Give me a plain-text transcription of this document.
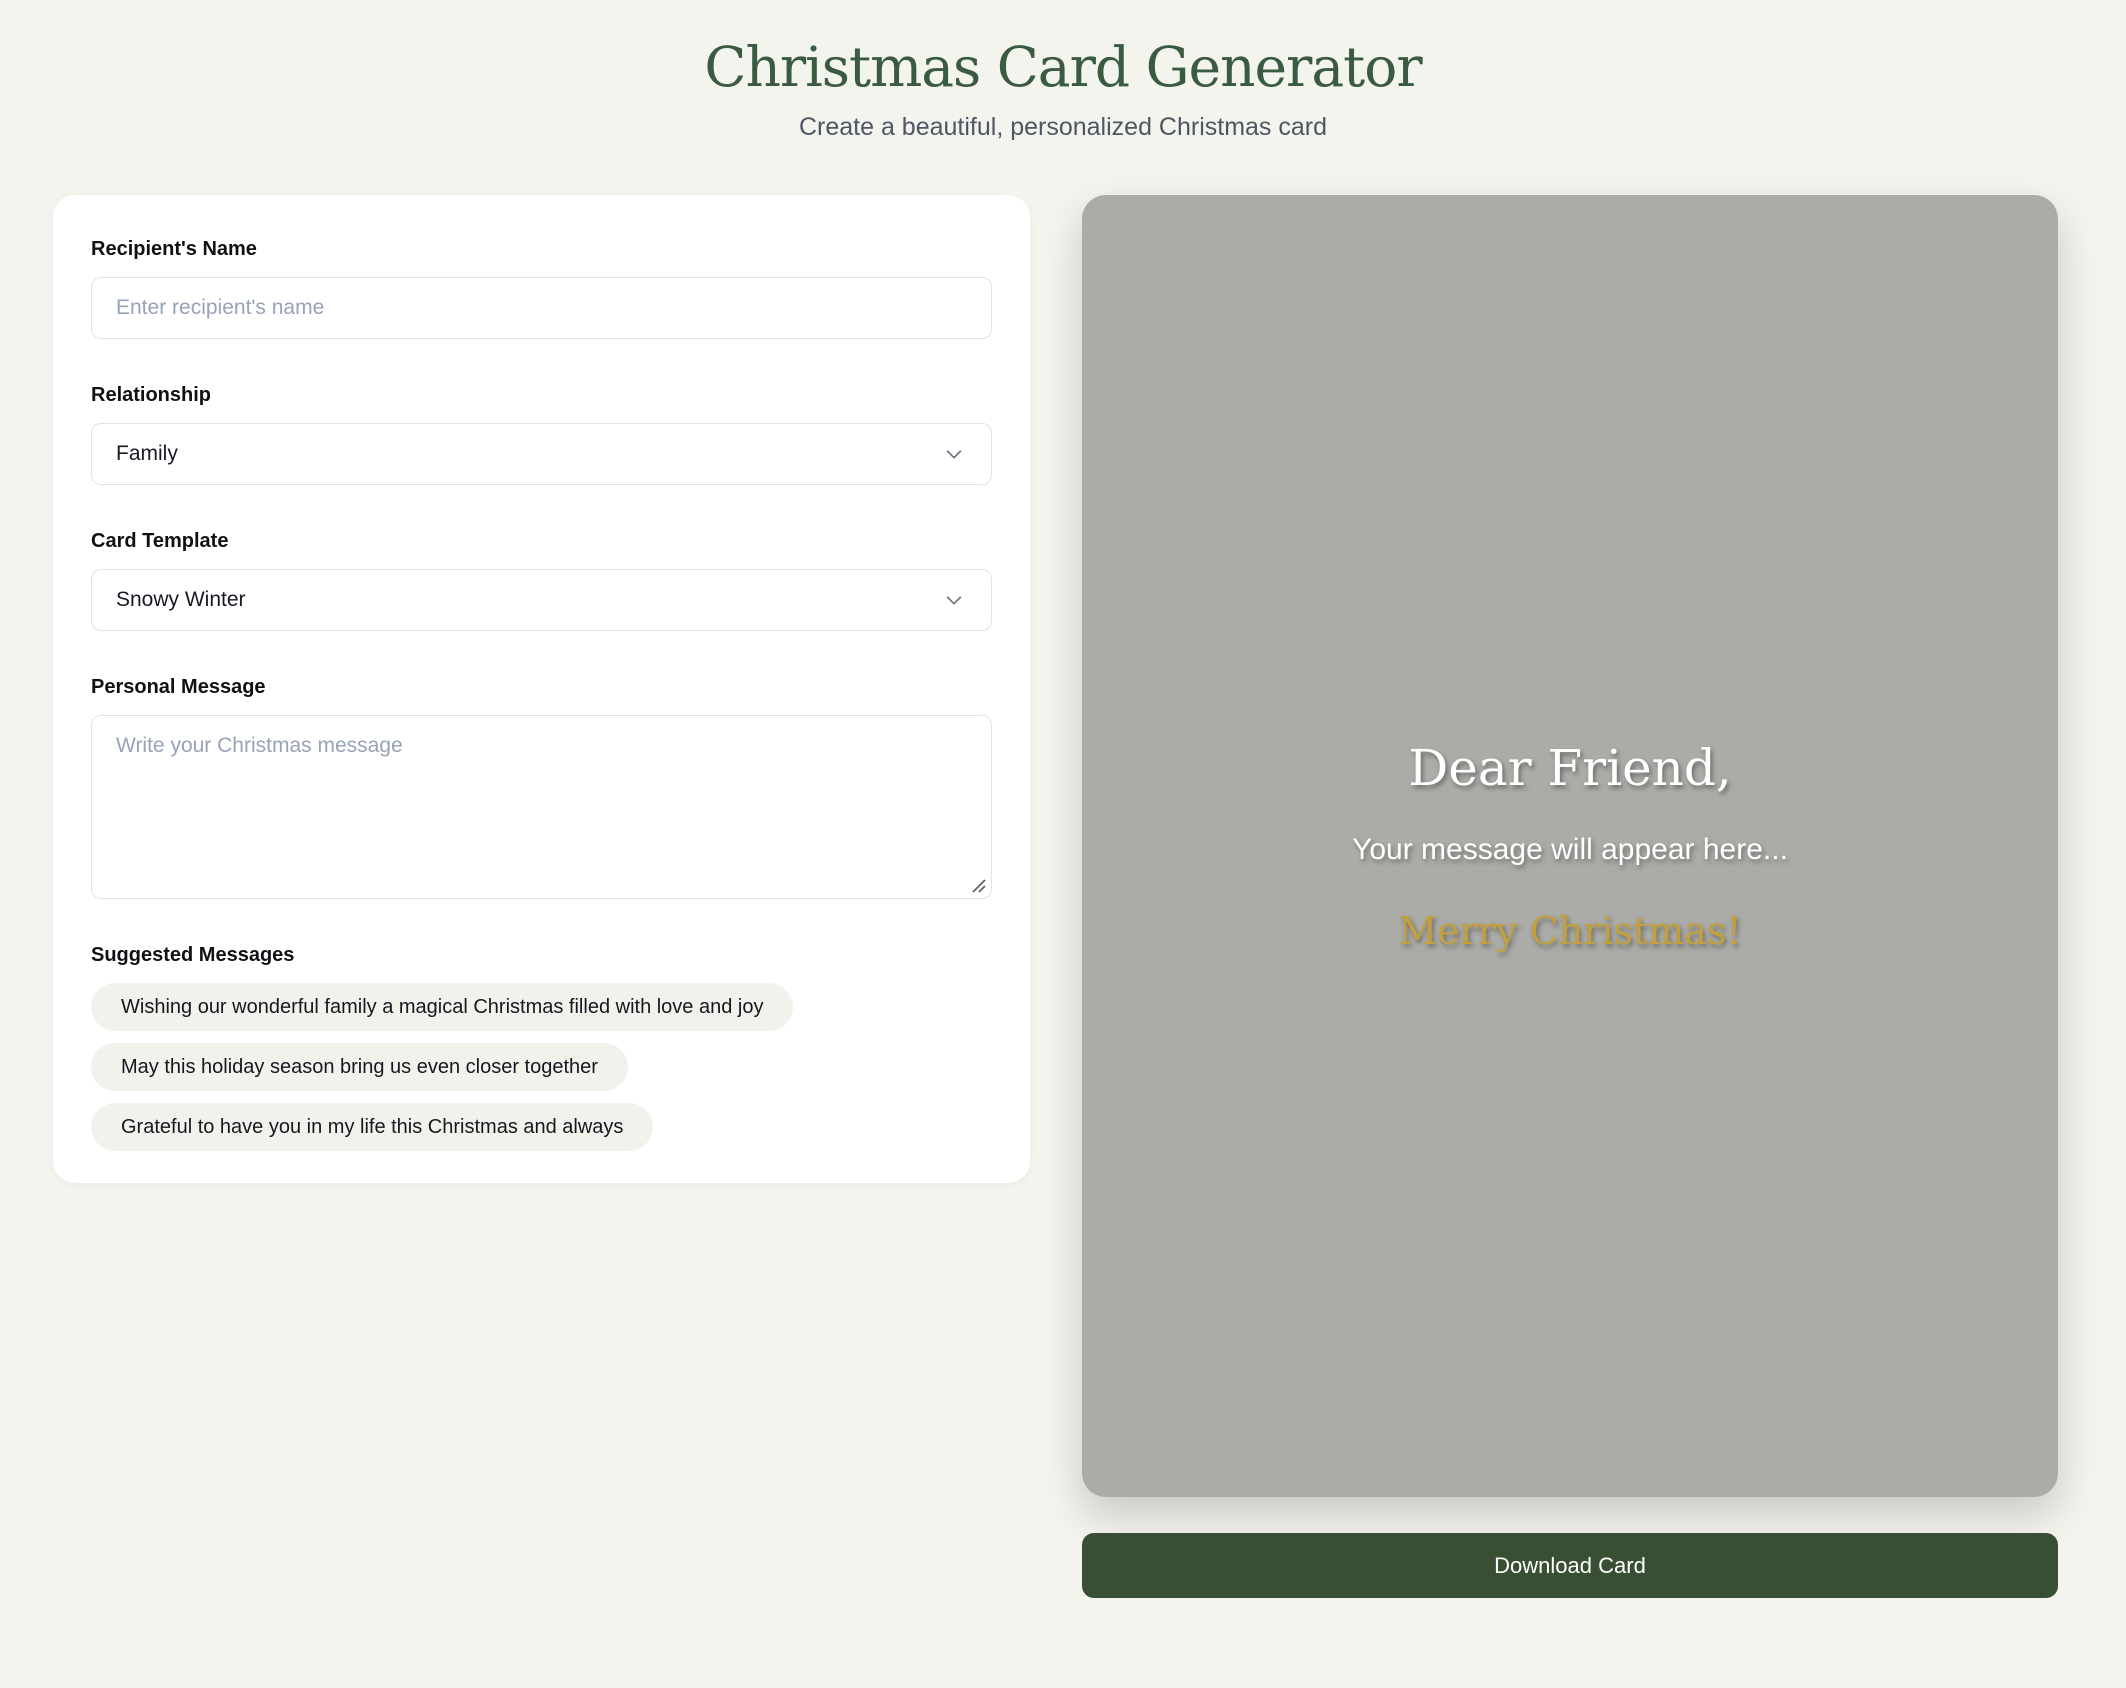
Christmas Card Generator
Create a beautiful, personalized Christmas card
Recipient's Name
Enter recipient's name
Relationship
Family
Card Template
Snowy Winter
Personal Message
Write your Christmas message
Suggested Messages
Wishing our wonderful family a magical Christmas filled with love and joy
May this holiday season bring us even closer together
Grateful to have you in my life this Christmas and always
Dear Friend,
Your message will appear here...
Merry Christmas!
Download Card
